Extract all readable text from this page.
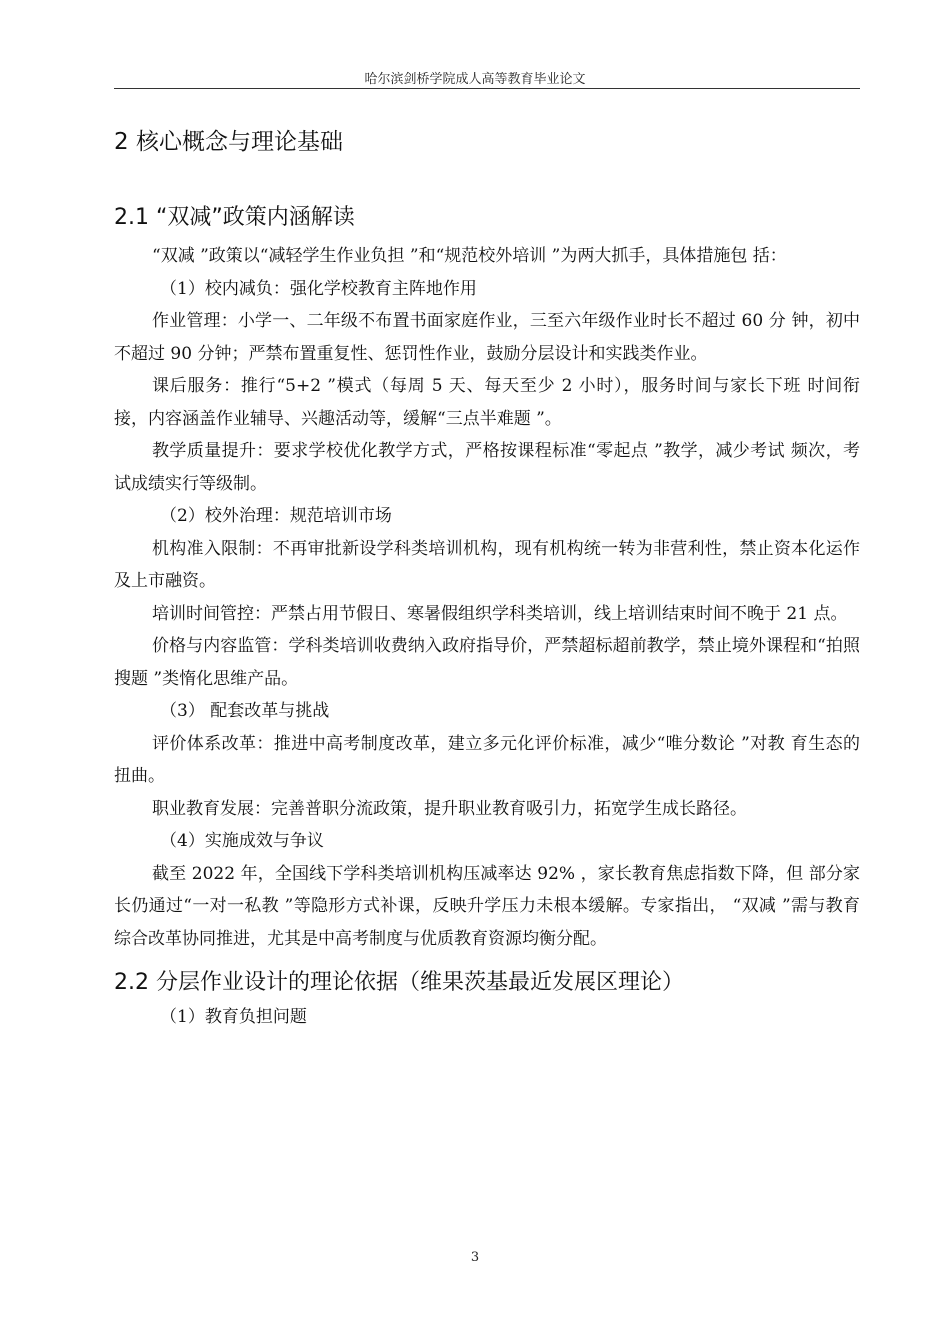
哈尔滨剑桥学院成人高等教育毕业论文
2 核心概念与理论基础
2.1 “双减”政策内涵解读

“双减 ”政策以“减轻学生作业负担 ”和“规范校外培训 ”为两大抓手，具体措施包 括：

（1）校内减负：强化学校教育主阵地作用

作业管理：小学一、二年级不布置书面家庭作业，三至六年级作业时长不超过 60 分 钟，初中不超过 90 分钟；严禁布置重复性、惩罚性作业，鼓励分层设计和实践类作业。

课后服务：推行“5+2 ”模式（每周 5 天、每天至少 2 小时），服务时间与家长下班 时间衔接，内容涵盖作业辅导、兴趣活动等，缓解“三点半难题 ”。

教学质量提升：要求学校优化教学方式，严格按课程标准“零起点 ”教学，减少考试 频次，考试成绩实行等级制。

（2）校外治理：规范培训市场

机构准入限制：不再审批新设学科类培训机构，现有机构统一转为非营利性，禁止资本化运作及上市融资。

培训时间管控：严禁占用节假日、寒暑假组织学科类培训，线上培训结束时间不晚于 21 点。

价格与内容监管：学科类培训收费纳入政府指导价，严禁超标超前教学，禁止境外课程和“拍照搜题 ”类惰化思维产品。

（3） 配套改革与挑战

评价体系改革：推进中高考制度改革，建立多元化评价标准，减少“唯分数论 ”对教 育生态的扭曲。

职业教育发展：完善普职分流政策，提升职业教育吸引力，拓宽学生成长路径。

（4）实施成效与争议

截至 2022 年，全国线下学科类培训机构压减率达 92% ，家长教育焦虑指数下降，但 部分家长仍通过“一对一私教 ”等隐形方式补课，反映升学压力未根本缓解。专家指出， “双减 ”需与教育综合改革协同推进，尤其是中高考制度与优质教育资源均衡分配。

2.2 分层作业设计的理论依据（维果茨基最近发展区理论）

（1）教育负担问题

3
